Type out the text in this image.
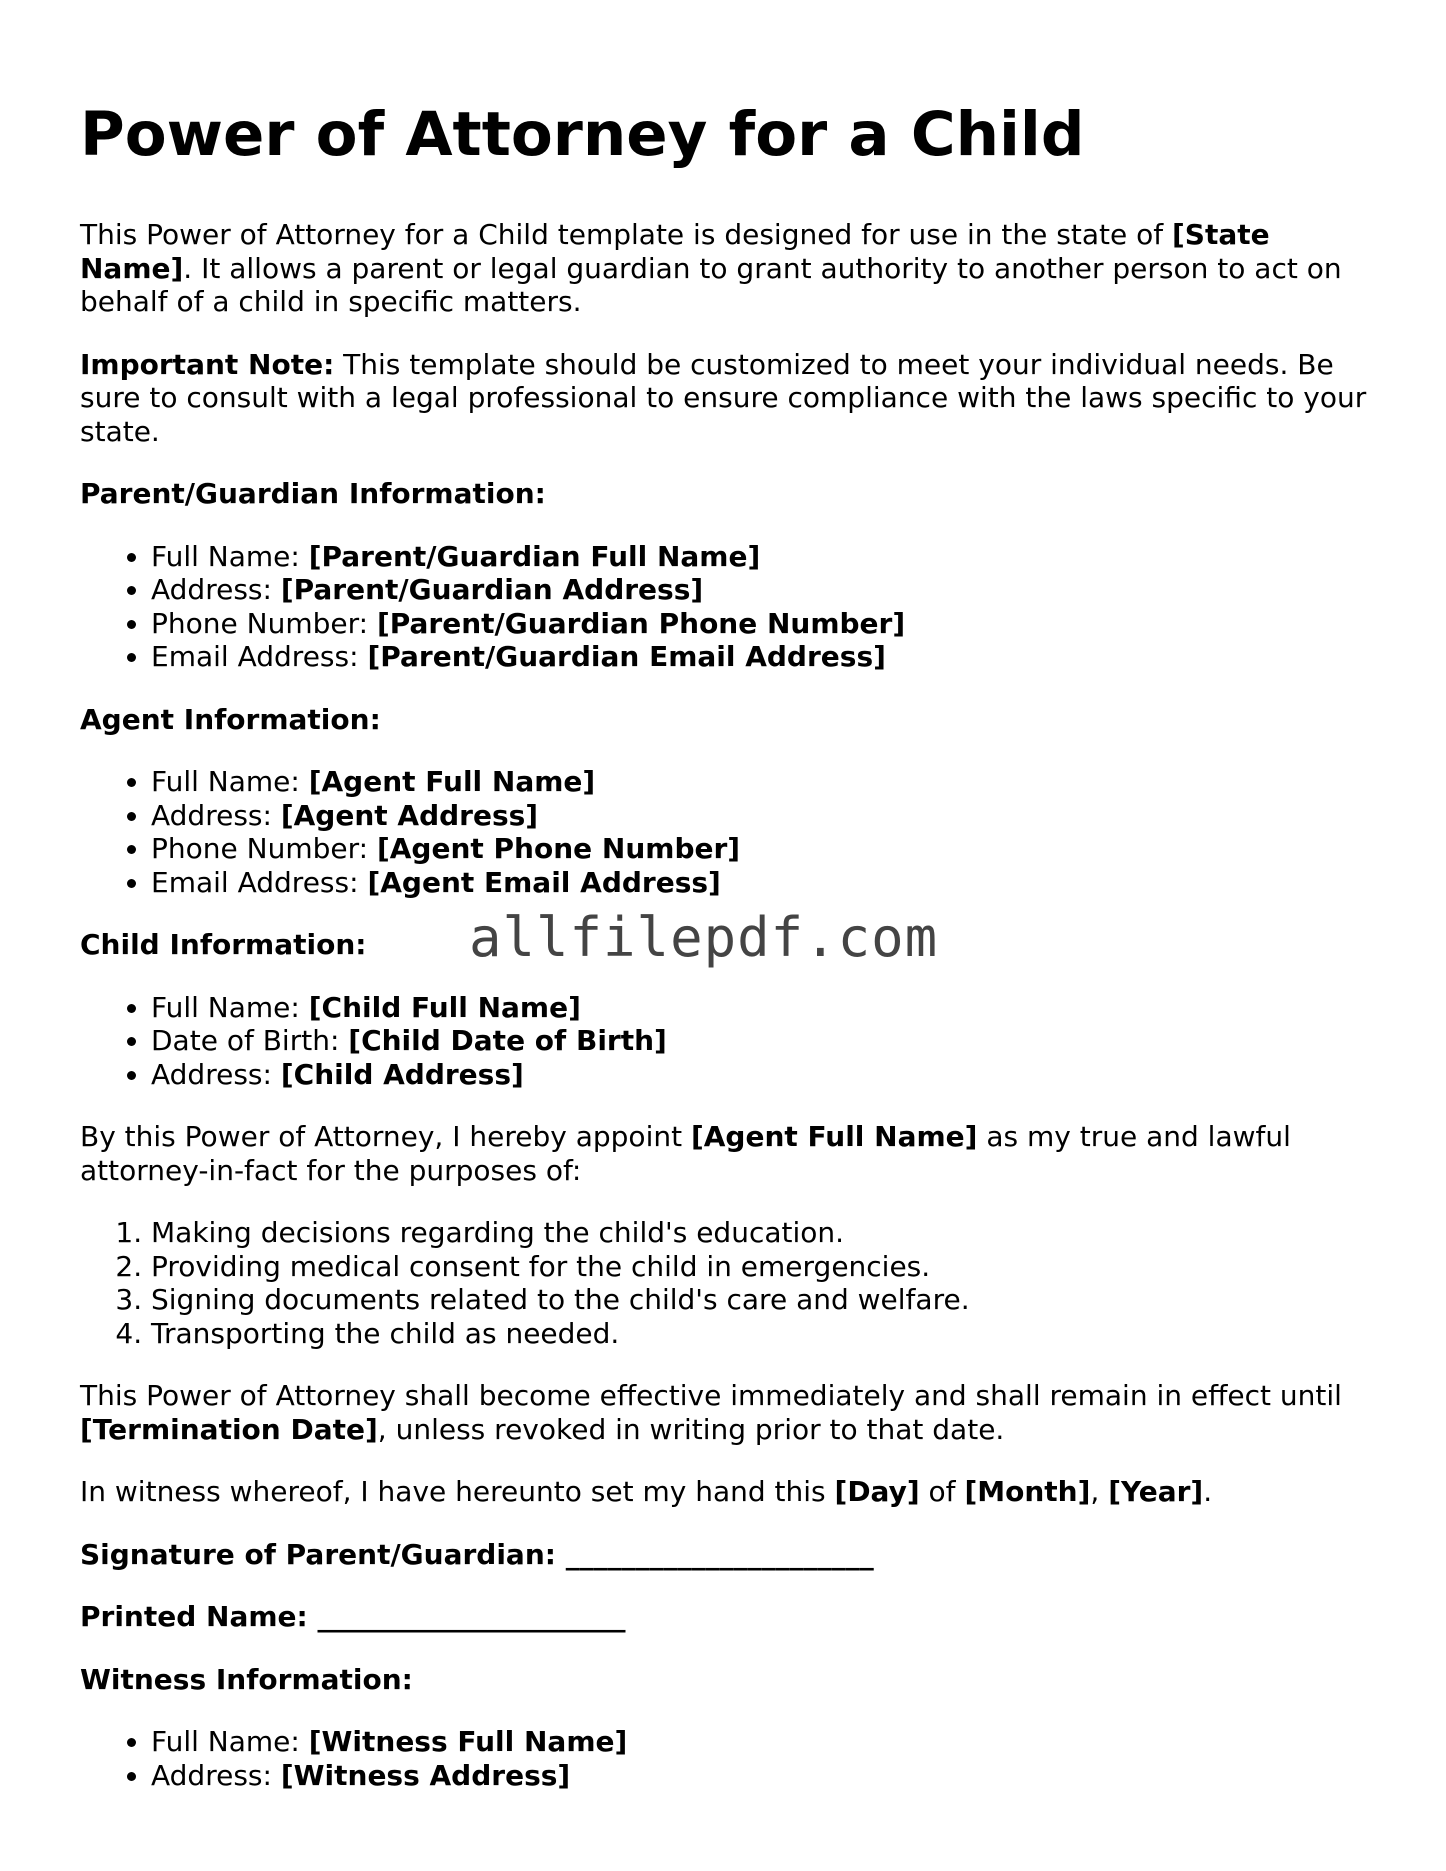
Power of Attorney for a Child

This Power of Attorney for a Child template is designed for use in the state of [State Name]. It allows a parent or legal guardian to grant authority to another person to act on behalf of a child in specific matters.

Important Note: This template should be customized to meet your individual needs. Be sure to consult with a legal professional to ensure compliance with the laws specific to your state.

Parent/Guardian Information:

• Full Name: [Parent/Guardian Full Name]
• Address: [Parent/Guardian Address]
• Phone Number: [Parent/Guardian Phone Number]
• Email Address: [Parent/Guardian Email Address]

Agent Information:

• Full Name: [Agent Full Name]
• Address: [Agent Address]
• Phone Number: [Agent Phone Number]
• Email Address: [Agent Email Address]

Child Information:

• Full Name: [Child Full Name]
• Date of Birth: [Child Date of Birth]
• Address: [Child Address]

By this Power of Attorney, I hereby appoint [Agent Full Name] as my true and lawful attorney-in-fact for the purposes of:

1. Making decisions regarding the child's education.
2. Providing medical consent for the child in emergencies.
3. Signing documents related to the child's care and welfare.
4. Transporting the child as needed.

This Power of Attorney shall become effective immediately and shall remain in effect until [Termination Date], unless revoked in writing prior to that date.

In witness whereof, I have hereunto set my hand this [Day] of [Month], [Year].

Signature of Parent/Guardian: ______________________

Printed Name: ______________________

Witness Information:

• Full Name: [Witness Full Name]
• Address: [Witness Address]
allfilepdf.com
